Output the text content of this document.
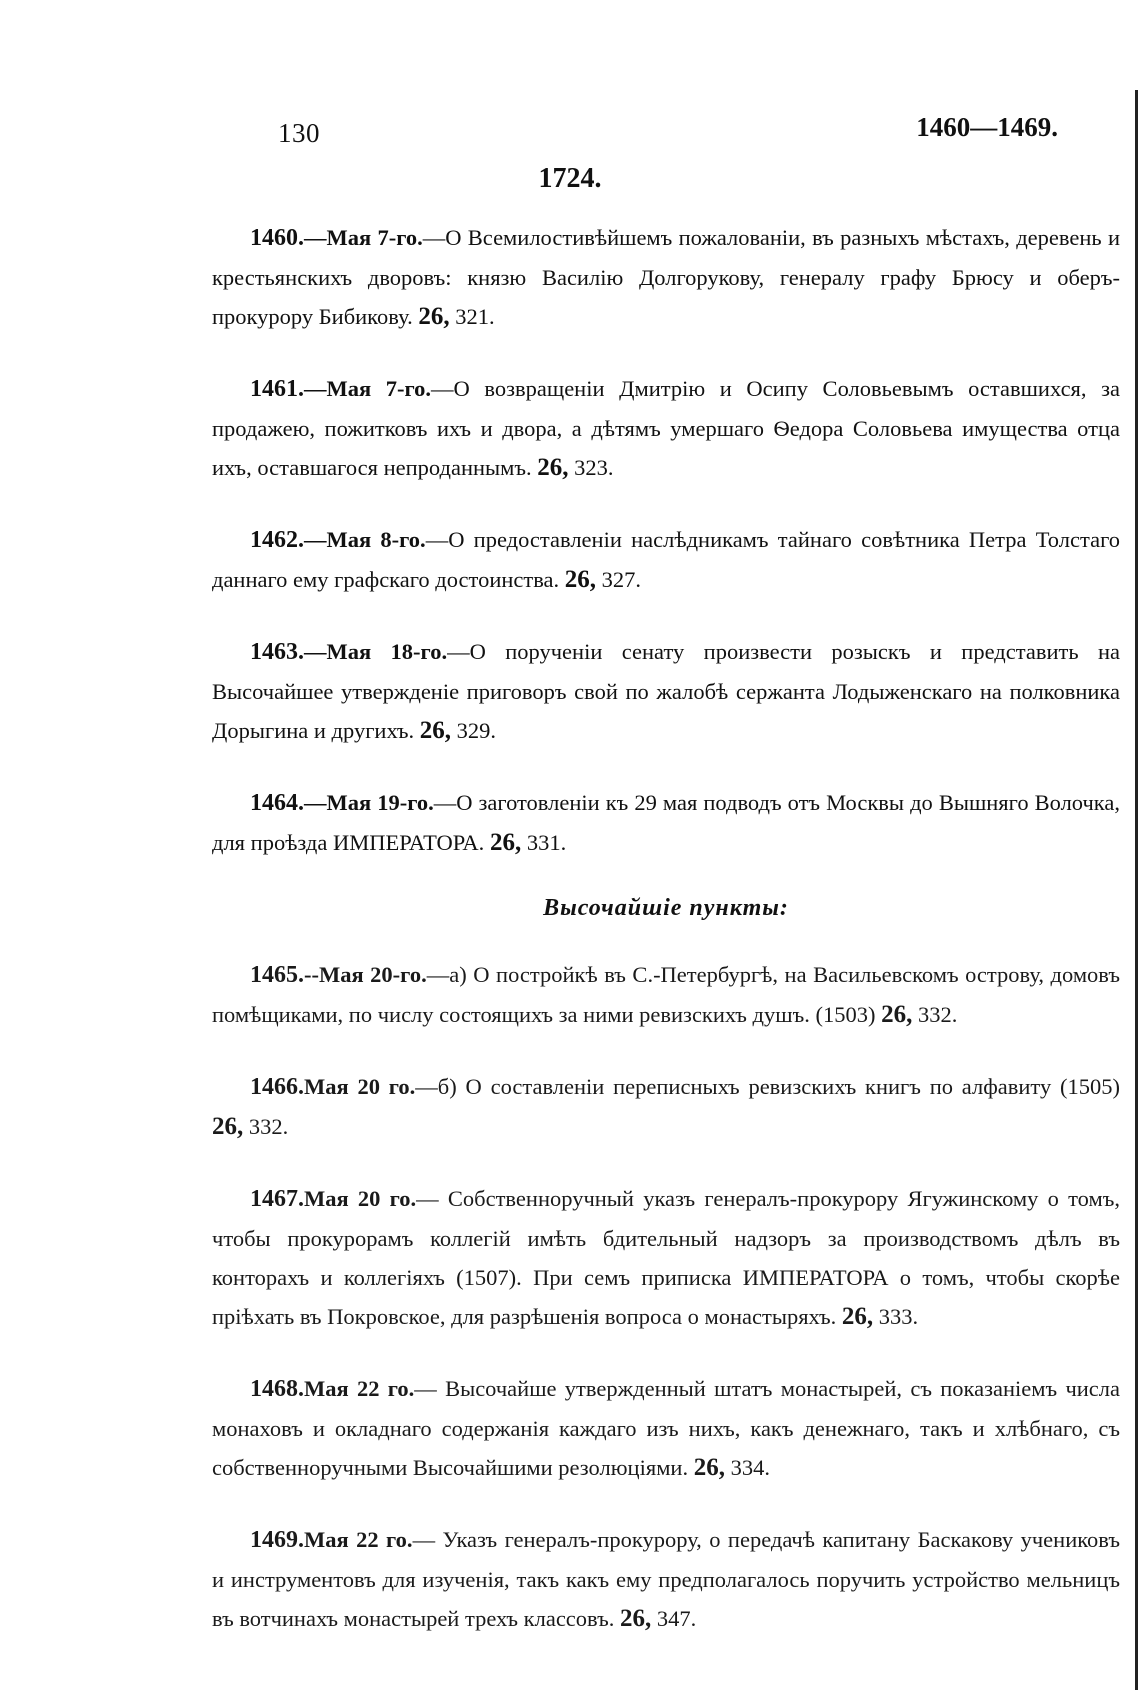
130	1460—1469.
1724.

1460.—Мая 7-го.—О Всемилостивѣйшемъ пожалованіи, въ разныхъ мѣстахъ, деревень и крестьянскихъ дворовъ: князю Василію Долгорукову, генералу графу Брюсу и оберъ-прокурору Бибикову. 26, 321.

1461.—Мая 7-го.—О возвращеніи Дмитрію и Осипу Соловьевымъ оставшихся, за продажею, пожитковъ ихъ и двора, а дѣтямъ умершаго Ѳедора Соловьева имущества отца ихъ, оставшагося непроданнымъ. 26, 323.

1462.—Мая 8-го.—О предоставленіи наслѣдникамъ тайнаго совѣтника Петра Толстаго даннаго ему графскаго достоинства. 26, 327.

1463.—Мая 18-го.—О порученіи сенату произвести розыскъ и представить на Высочайшее утвержденіе приговоръ свой по жалобѣ сержанта Лодыженскаго на полковника Дорыгина и другихъ. 26, 329.

1464.—Мая 19-го.—О заготовленіи къ 29 мая подводъ отъ Москвы до Вышняго Волочка, для проѣзда ИМПЕРАТОРА. 26, 331.

Высочайшіе пункты:

1465.--Мая 20-го.—а) О постройкѣ въ С.-Петербургѣ, на Васильевскомъ острову, домовъ помѣщиками, по числу состоящихъ за ними ревизскихъ душъ. (1503) 26, 332.

1466.Мая 20 го.—б) О составленіи переписныхъ ревизскихъ книгъ по алфавиту (1505) 26, 332.

1467.Мая 20 го.— Собственноручный указъ генералъ-прокурору Ягужинскому о томъ, чтобы прокурорамъ коллегій имѣть бдительный надзоръ за производствомъ дѣлъ въ конторахъ и коллегіяхъ (1507). При семъ приписка ИМПЕРАТОРА о томъ, чтобы скорѣе пріѣхать въ Покровское, для разрѣшенія вопроса о монастыряхъ. 26, 333.

1468.Мая 22 го.— Высочайше утвержденный штатъ монастырей, съ показаніемъ числа монаховъ и окладнаго содержанія каждаго изъ нихъ, какъ денежнаго, такъ и хлѣбнаго, съ собственноручными Высочайшими резолюціями. 26, 334.

1469.Мая 22 го.— Указъ генералъ-прокурору, о передачѣ капитану Баскакову учениковъ и инструментовъ для изученія, такъ какъ ему предполагалось поручить устройство мельницъ въ вотчинахъ монастырей трехъ классовъ. 26, 347.
